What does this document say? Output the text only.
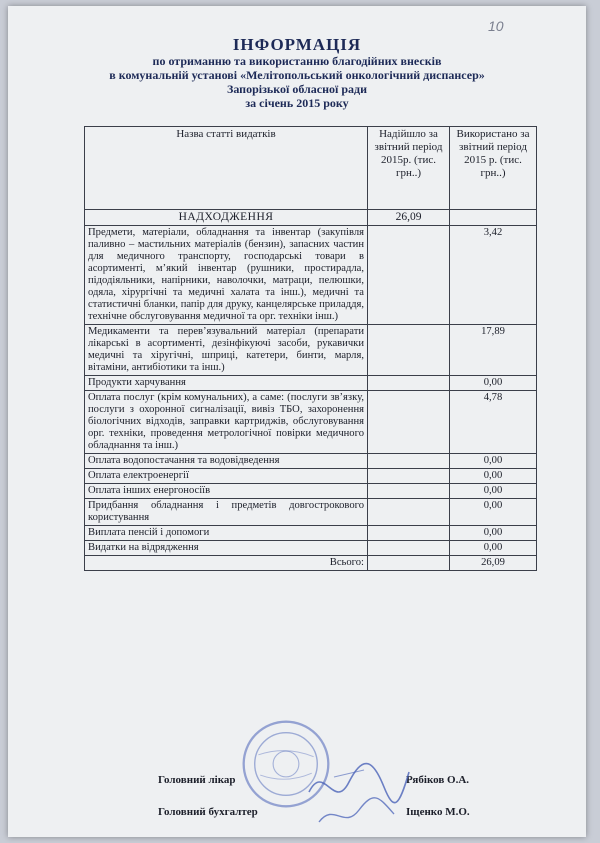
10
ІНФОРМАЦІЯ
по отриманню та використанню благодійних внесків
в комунальній установі «Мелітопольський онкологічний диспансер»
Запорізької обласної ради
за січень 2015 року
Назва статті видатків	Надійшло за звітний період 2015р. (тис. грн..)	Використано за звітний період 2015 р. (тис. грн..)
НАДХОДЖЕННЯ	26,09	
Предмети, матеріали, обладнання та інвентар (закупівля паливно – мастильних матеріалів (бензин), запасних частин для медичного транспорту, господарські товари в асортименті, м’який інвентар (рушники, простирадла, підодіяльники, напірники, наволочки, матраци, пелюшки, одяла, хірургічні та медичні халата та інш.), медичні та статистичні бланки, папір для друку, канцелярське приладдя, технічне обслуговування медичної та орг. техніки інш.)		3,42
Медикаменти та перев’язувальний матеріал (препарати лікарські в асортименті, дезінфікуючі засоби, рукавички медичні та хіругічні, шприці, катетери, бинти, марля, вітаміни, антибіотики та інш.)		17,89
Продукти харчування		0,00
Оплата послуг (крім комунальних), а саме: (послуги зв’язку, послуги з охоронної сигналізації, вивіз ТБО, захоронення біологічних відходів, заправки картриджів, обслуговування орг. техніки, проведення метрологічної повірки медичного обладнання та інш.)		4,78
Оплата водопостачання та водовідведення		0,00
Оплата електроенергії		0,00
Оплата інших енергоносіїв		0,00
Придбання обладнання і предметів довгострокового користування		0,00
Виплата пенсій і допомоги		0,00
Видатки на відрядження		0,00
Всього:		26,09
Головний лікар	Рябіков О.А.
Головний бухгалтер	Іщенко М.О.
